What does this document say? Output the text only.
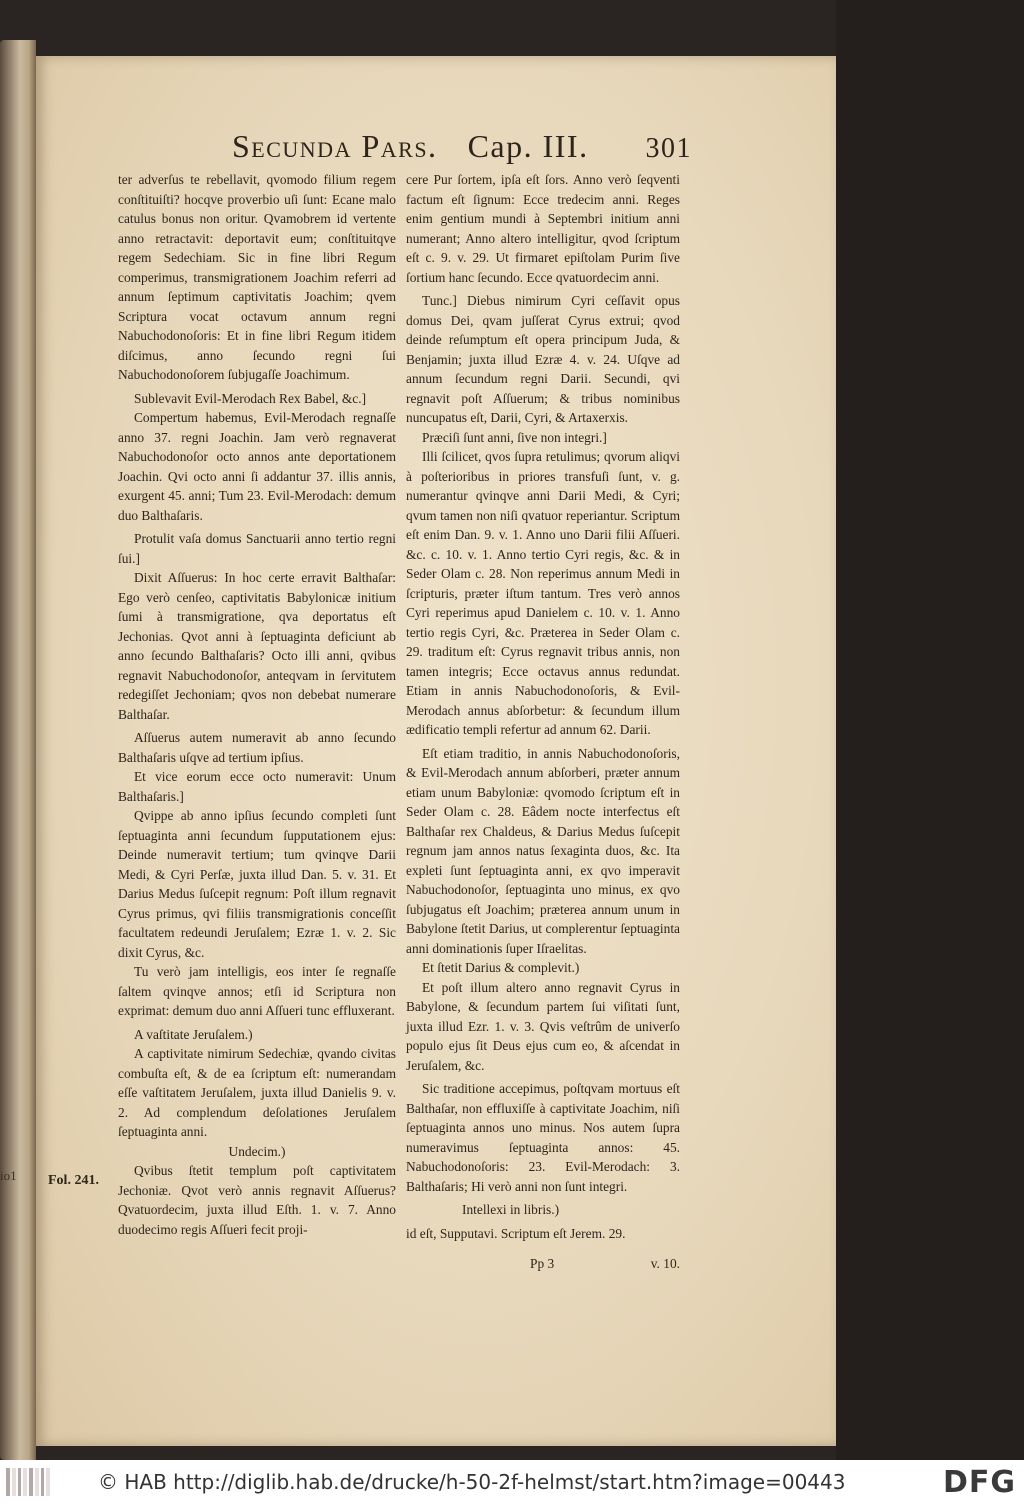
io1
Secunda Pars. Cap. III. 301

ter adverſus te rebellavit, qvomodo filium regem conſtituiſti? hocqve proverbio uſi ſunt: Ecane malo catulus bonus non oritur. Qvamobrem id vertente anno retractavit: deportavit eum; conſtituitqve regem Sedechiam. Sic in fine libri Regum comperimus, transmigrationem Joachim referri ad annum ſeptimum captivitatis Joachim; qvem Scriptura vocat octavum annum regni Nabuchodonoſoris: Et in fine libri Regum itidem diſcimus, anno ſecundo regni ſui Nabuchodonoſorem ſubjugaſſe Joachimum.

Sublevavit Evil-Merodach Rex Babel, &c.]

Compertum habemus, Evil-Merodach regnaſſe anno 37. regni Joachin. Jam verò regnaverat Nabuchodonoſor octo annos ante deportationem Joachin. Qvi octo anni ſi addantur 37. illis annis, exurgent 45. anni; Tum 23. Evil-Merodach: demum duo Balthaſaris.

Protulit vaſa domus Sanctuarii anno tertio regni ſui.]

Dixit Aſſuerus: In hoc certe erravit Balthaſar: Ego verò cenſeo, captivitatis Babylonicæ initium ſumi à transmigratione, qva deportatus eſt Jechonias. Qvot anni à ſeptuaginta deficiunt ab anno ſecundo Balthaſaris? Octo illi anni, qvibus regnavit Nabuchodonoſor, anteqvam in ſervitutem redegiſſet Jechoniam; qvos non debebat numerare Balthaſar.

Aſſuerus autem numeravit ab anno ſecundo Balthaſaris uſqve ad tertium ipſius.

Et vice eorum ecce octo numeravit: Unum Balthaſaris.]

Qvippe ab anno ipſius ſecundo completi ſunt ſeptuaginta anni ſecundum ſupputationem ejus: Deinde numeravit tertium; tum qvinqve Darii Medi, & Cyri Perſæ, juxta illud Dan. 5. v. 31. Et Darius Medus ſuſcepit regnum: Poſt illum regnavit Cyrus primus, qvi filiis transmigrationis conceſſit facultatem redeundi Jeruſalem; Ezræ 1. v. 2. Sic dixit Cyrus, &c.

Tu verò jam intelligis, eos inter ſe regnaſſe ſaltem qvinqve annos; etſi id Scriptura non exprimat: demum duo anni Aſſueri tunc effluxerant.

A vaſtitate Jeruſalem.)

A captivitate nimirum Sedechiæ, qvando civitas combuſta eſt, & de ea ſcriptum eſt: numerandam eſſe vaſtitatem Jeruſalem, juxta illud Danielis 9. v. 2. Ad complendum deſolationes Jeruſalem ſeptuaginta anni.

Undecim.)

Qvibus ſtetit templum poſt captivitatem Jechoniæ. Qvot verò annis regnavit Aſſuerus? Qvatuordecim, juxta illud Eſth. 1. v. 7. Anno duodecimo regis Aſſueri fecit proji-

cere Pur ſortem, ipſa eſt ſors. Anno verò ſeqventi factum eſt ſignum: Ecce tredecim anni. Reges enim gentium mundi à Septembri initium anni numerant; Anno altero intelligitur, qvod ſcriptum eſt c. 9. v. 29. Ut firmaret epiſtolam Purim ſive ſortium hanc ſecundo. Ecce qvatuordecim anni.

Tunc.] Diebus nimirum Cyri ceſſavit opus domus Dei, qvam juſſerat Cyrus extrui; qvod deinde reſumptum eſt opera principum Juda, & Benjamin; juxta illud Ezræ 4. v. 24. Uſqve ad annum ſecundum regni Darii. Secundi, qvi regnavit poſt Aſſuerum; & tribus nominibus nuncupatus eſt, Darii, Cyri, & Artaxerxis.

Præciſi ſunt anni, ſive non integri.]

Illi ſcilicet, qvos ſupra retulimus; qvorum aliqvi à poſterioribus in priores transfuſi ſunt, v. g. numerantur qvinqve anni Darii Medi, & Cyri; qvum tamen non niſi qvatuor reperiantur. Scriptum eſt enim Dan. 9. v. 1. Anno uno Darii filii Aſſueri. &c. c. 10. v. 1. Anno tertio Cyri regis, &c. & in Seder Olam c. 28. Non reperimus annum Medi in ſcripturis, præter iſtum tantum. Tres verò annos Cyri reperimus apud Danielem c. 10. v. 1. Anno tertio regis Cyri, &c. Præterea in Seder Olam c. 29. traditum eſt: Cyrus regnavit tribus annis, non tamen integris; Ecce octavus annus redundat. Etiam in annis Nabuchodonoſoris, & Evil-Merodach annus abſorbetur: & ſecundum illum ædificatio templi refertur ad annum 62. Darii.

Eſt etiam traditio, in annis Nabuchodonoſoris, & Evil-Merodach annum abſorberi, præter annum etiam unum Babyloniæ: qvomodo ſcriptum eſt in Seder Olam c. 28. Eâdem nocte interfectus eſt Balthaſar rex Chaldeus, & Darius Medus ſuſcepit regnum jam annos natus ſexaginta duos, &c. Ita expleti ſunt ſeptuaginta anni, ex qvo imperavit Nabuchodonoſor, ſeptuaginta uno minus, ex qvo ſubjugatus eſt Joachim; præterea annum unum in Babylone ſtetit Darius, ut complerentur ſeptuaginta anni dominationis ſuper Iſraelitas.

Et ſtetit Darius & complevit.)

Et poſt illum altero anno regnavit Cyrus in Babylone, & ſecundum partem ſui viſitati ſunt, juxta illud Ezr. 1. v. 3. Qvis veſtrûm de univerſo populo ejus ſit Deus ejus cum eo, & aſcendat in Jeruſalem, &c.

Sic traditione accepimus, poſtqvam mortuus eſt Balthaſar, non effluxiſſe à captivitate Joachim, niſi ſeptuaginta annos uno minus. Nos autem ſupra numeravimus ſeptuaginta annos: 45. Nabuchodonoſoris: 23. Evil-Merodach: 3. Balthaſaris; Hi verò anni non ſunt integri.

Intellexi in libris.)

id eſt, Supputavi. Scriptum eſt Jerem. 29.

Fol. 241.
Pp 3	v. 10.
© HAB http://diglib.hab.de/drucke/h-50-2f-helmst/start.htm?image=00443	DFG
